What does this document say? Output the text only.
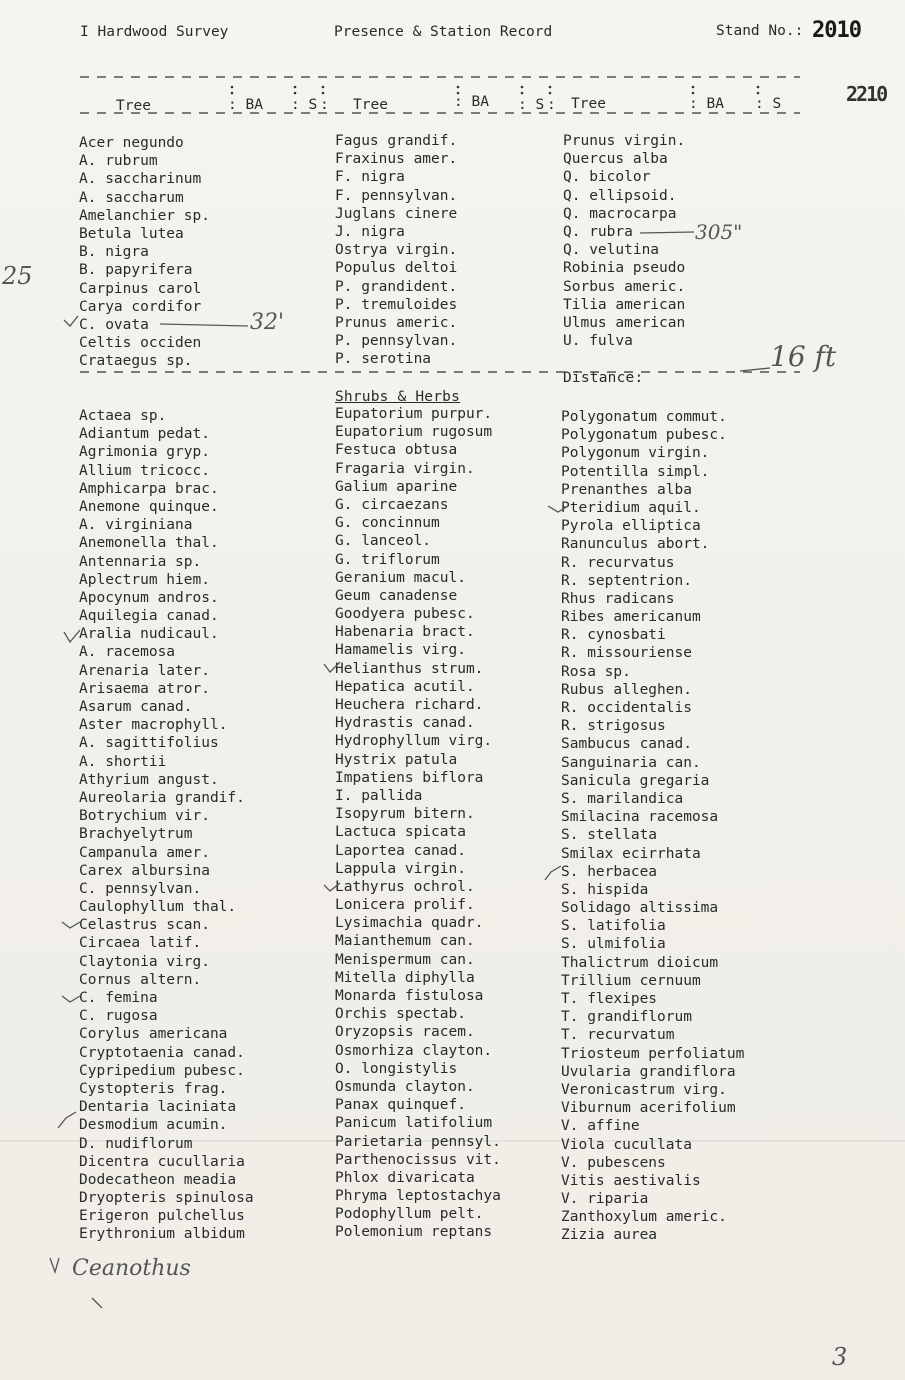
I Hardwood Survey	Presence & Station Record	Stand No.: 2010
2210
Tree	: BA : S : Tree	: BA : S : Tree	: BA : S
Acer negundo
A. rubrum
A. saccharinum
A. saccharum
Amelanchier sp.
Betula lutea
B. nigra
B. papyrifera
Carpinus carol
Carya cordifor
C. ovata
Celtis occiden
Crataegus sp.
Fagus grandif.
Fraxinus amer.
F. nigra
F. pennsylvan.
Juglans cinere
J. nigra
Ostrya virgin.
Populus deltoi
P. grandident.
P. tremuloides
Prunus americ.
P. pennsylvan.
P. serotina
Prunus virgin.
Quercus alba
Q. bicolor
Q. ellipsoid.
Q. macrocarpa
Q. rubra
Q. velutina
Robinia pseudo
Sorbus americ.
Tilia american
Ulmus american
U. fulva
Distance:
Shrubs & Herbs
Actaea sp.
Adiantum pedat.
Agrimonia gryp.
Allium tricocc.
Amphicarpa brac.
Anemone quinque.
A. virginiana
Anemonella thal.
Antennaria sp.
Aplectrum hiem.
Apocynum andros.
Aquilegia canad.
Aralia nudicaul.
A. racemosa
Arenaria later.
Arisaema atror.
Asarum canad.
Aster macrophyll.
A. sagittifolius
A. shortii
Athyrium angust.
Aureolaria grandif.
Botrychium vir.
Brachyelytrum
Campanula amer.
Carex albursina
C. pennsylvan.
Caulophyllum thal.
Celastrus scan.
Circaea latif.
Claytonia virg.
Cornus altern.
C. femina
C. rugosa
Corylus americana
Cryptotaenia canad.
Cypripedium pubesc.
Cystopteris frag.
Dentaria laciniata
Desmodium acumin.
D. nudiflorum
Dicentra cucullaria
Dodecatheon meadia
Dryopteris spinulosa
Erigeron pulchellus
Erythronium albidum
Eupatorium purpur.
Eupatorium rugosum
Festuca obtusa
Fragaria virgin.
Galium aparine
G. circaezans
G. concinnum
G. lanceol.
G. triflorum
Geranium macul.
Geum canadense
Goodyera pubesc.
Habenaria bract.
Hamamelis virg.
Helianthus strum.
Hepatica acutil.
Heuchera richard.
Hydrastis canad.
Hydrophyllum virg.
Hystrix patula
Impatiens biflora
I. pallida
Isopyrum bitern.
Lactuca spicata
Laportea canad.
Lappula virgin.
Lathyrus ochrol.
Lonicera prolif.
Lysimachia quadr.
Maianthemum can.
Menispermum can.
Mitella diphylla
Monarda fistulosa
Orchis spectab.
Oryzopsis racem.
Osmorhiza clayton.
O. longistylis
Osmunda clayton.
Panax quinquef.
Panicum latifolium
Parietaria pennsyl.
Parthenocissus vit.
Phlox divaricata
Phryma leptostachya
Podophyllum pelt.
Polemonium reptans
Polygonatum commut.
Polygonatum pubesc.
Polygonum virgin.
Potentilla simpl.
Prenanthes alba
Pteridium aquil.
Pyrola elliptica
Ranunculus abort.
R. recurvatus
R. septentrion.
Rhus radicans
Ribes americanum
R. cynosbati
R. missouriense
Rosa sp.
Rubus alleghen.
R. occidentalis
R. strigosus
Sambucus canad.
Sanguinaria can.
Sanicula gregaria
S. marilandica
Smilacina racemosa
S. stellata
Smilax ecirrhata
S. herbacea
S. hispida
Solidago altissima
S. latifolia
S. ulmifolia
Thalictrum dioicum
Trillium cernuum
T. flexipes
T. grandiflorum
T. recurvatum
Triosteum perfoliatum
Uvularia grandiflora
Veronicastrum virg.
Viburnum acerifolium
V. affine
Viola cucullata
V. pubescens
Vitis aestivalis
V. riparia
Zanthoxylum americ.
Zizia aurea
25
32'
305"
16 ft
Ceanothus
3
